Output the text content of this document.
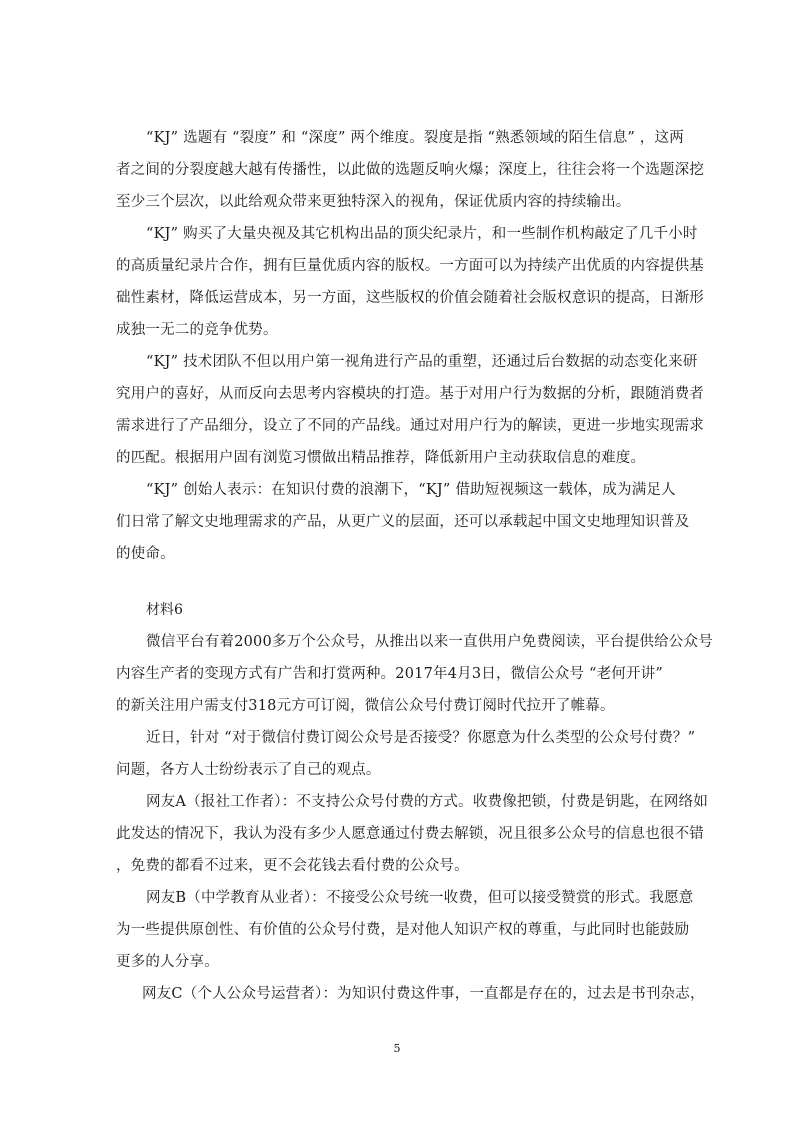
“KJ” 选题有 “裂度” 和 “深度” 两个维度。裂度是指 “熟悉领域的陌生信息” ，这两
者之间的分裂度越大越有传播性，以此做的选题反响火爆；深度上，往往会将一个选题深挖
至少三个层次，以此给观众带来更独特深入的视角，保证优质内容的持续输出。
“KJ” 购买了大量央视及其它机构出品的顶尖纪录片，和一些制作机构敲定了几千小时
的高质量纪录片合作，拥有巨量优质内容的版权。一方面可以为持续产出优质的内容提供基
础性素材，降低运营成本，另一方面，这些版权的价值会随着社会版权意识的提高，日渐形
成独一无二的竞争优势。
“KJ” 技术团队不但以用户第一视角进行产品的重塑，还通过后台数据的动态变化来研
究用户的喜好，从而反向去思考内容模块的打造。基于对用户行为数据的分析，跟随消费者
需求进行了产品细分，设立了不同的产品线。通过对用户行为的解读，更进一步地实现需求
的匹配。根据用户固有浏览习惯做出精品推荐，降低新用户主动获取信息的难度。
“KJ” 创始人表示：在知识付费的浪潮下，“KJ” 借助短视频这一载体，成为满足人
们日常了解文史地理需求的产品，从更广义的层面，还可以承载起中国文史地理知识普及
的使命。
材料6
微信平台有着2000多万个公众号，从推出以来一直供用户免费阅读，平台提供给公众号
内容生产者的变现方式有广告和打赏两种。2017年4月3日，微信公众号 “老何开讲”
的新关注用户需支付318元方可订阅，微信公众号付费订阅时代拉开了帷幕。
近日，针对 “对于微信付费订阅公众号是否接受？你愿意为什么类型的公众号付费？”
问题，各方人士纷纷表示了自己的观点。
网友A（报社工作者）：不支持公众号付费的方式。收费像把锁，付费是钥匙，在网络如
此发达的情况下，我认为没有多少人愿意通过付费去解锁，况且很多公众号的信息也很不错
，免费的都看不过来，更不会花钱去看付费的公众号。
网友B（中学教育从业者）：不接受公众号统一收费，但可以接受赞赏的形式。我愿意
为一些提供原创性、有价值的公众号付费，是对他人知识产权的尊重，与此同时也能鼓励
更多的人分享。
网友C（个人公众号运营者）：为知识付费这件事，一直都是存在的，过去是书刊杂志，
5
